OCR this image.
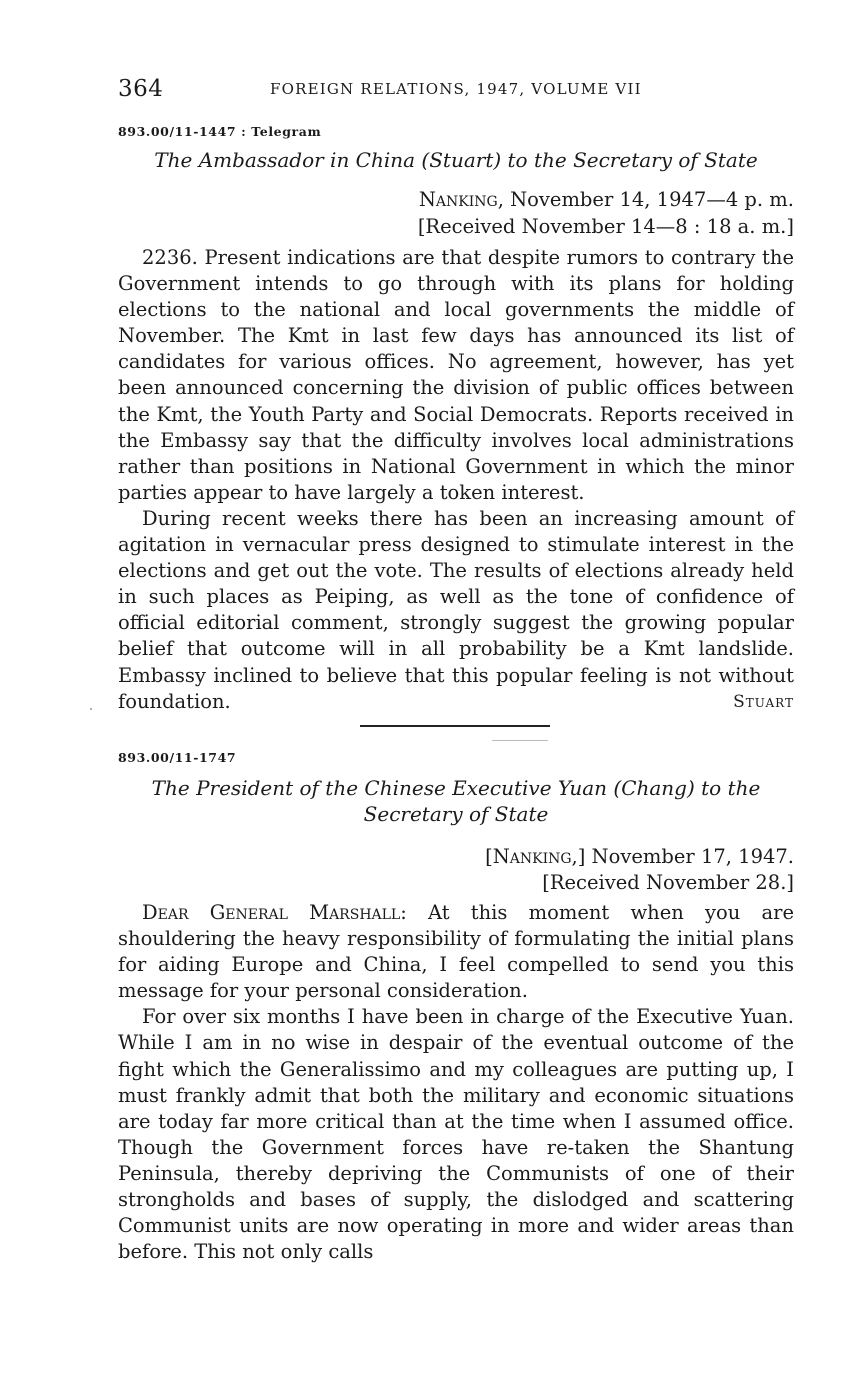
364	FOREIGN RELATIONS, 1947, VOLUME VII
893.00/11-1447 : Telegram
The Ambassador in China (Stuart) to the Secretary of State
Nanking, November 14, 1947—4 p. m.
[Received November 14—8 : 18 a. m.]

2236. Present indications are that despite rumors to contrary the Government intends to go through with its plans for holding elections to the national and local governments the middle of November. The Kmt in last few days has announced its list of candidates for various offices. No agreement, however, has yet been announced concerning the division of public offices between the Kmt, the Youth Party and Social Democrats. Reports received in the Embassy say that the difficulty involves local administrations rather than positions in National Government in which the minor parties appear to have largely a token interest.

During recent weeks there has been an increasing amount of agitation in vernacular press designed to stimulate interest in the elections and get out the vote. The results of elections already held in such places as Peiping, as well as the tone of confidence of official editorial comment, strongly suggest the growing popular belief that outcome will in all probability be a Kmt landslide. Embassy inclined to believe that this popular feeling is not without foundation.	Stuart
893.00/11-1747
The President of the Chinese Executive Yuan (Chang) to the
Secretary of State
[Nanking,] November 17, 1947.
[Received November 28.]

Dear General Marshall: At this moment when you are shouldering the heavy responsibility of formulating the initial plans for aiding Europe and China, I feel compelled to send you this message for your personal consideration.

For over six months I have been in charge of the Executive Yuan. While I am in no wise in despair of the eventual outcome of the fight which the Generalissimo and my colleagues are putting up, I must frankly admit that both the military and economic situations are today far more critical than at the time when I assumed office. Though the Government forces have re-taken the Shantung Peninsula, thereby depriving the Communists of one of their strongholds and bases of supply, the dislodged and scattering Communist units are now operating in more and wider areas than before. This not only calls
